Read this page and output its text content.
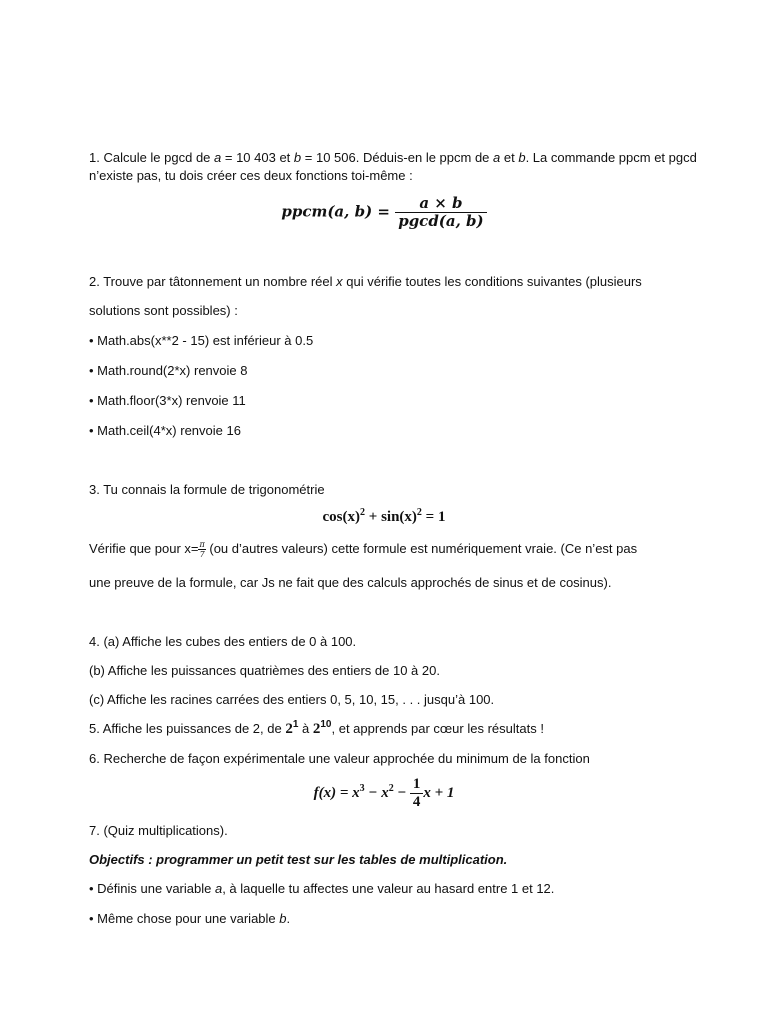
1. Calcule le pgcd de a = 10 403 et b = 10 506. Déduis-en le ppcm de a et b. La commande ppcm et pgcd
n’existe pas, tu dois créer ces deux fonctions toi-même :
ppcm(a, $b) = \frac{a \times b}{pgcd(a, b)}$
2. Trouve par tâtonnement un nombre réel x qui vérifie toutes les conditions suivantes (plusieurs
solutions sont possibles) :
• Math.abs(x**2 - 15) est inférieur à 0.5
• Math.round(2*x) renvoie 8
• Math.floor(3*x) renvoie 11
• Math.ceil(4*x) renvoie 16
3. Tu connais la formule de trigonométrie
$\cos(x)^2 + \sin(x)^2 = 1$
Vérifie que pour $x= \frac{\pi}{7} (ou$ d’autres valeurs) cette formule est numériquement vraie. (Ce n’est pas
une preuve de la formule, car Js ne fait que des calculs approchés de sinus et de cosinus).
4. (a) Affiche les cubes des entiers de 0 à 100.
(b) Affiche les puissances quatrièmes des entiers de 10 à 20.
(c) Affiche les racines carrées des entiers 0, 5, 10, 15, . . . jusqu’à 100.
5. Affiche les puissances de 2, de $2^1$ à $2^{10}$, et apprends par cœur les résultats !
6. Recherche de façon expérimentale une valeur approchée du minimum de la fonction
$f(x) = x^3 - x^2 - \frac{1}{4}$ x + 1
7. (Quiz multiplications).
Objectifs : programmer un petit test sur les tables de multiplication.
• Définis une variable a, à laquelle tu affectes une valeur au hasard entre 1 et 12.
• Même chose pour une variable b.
